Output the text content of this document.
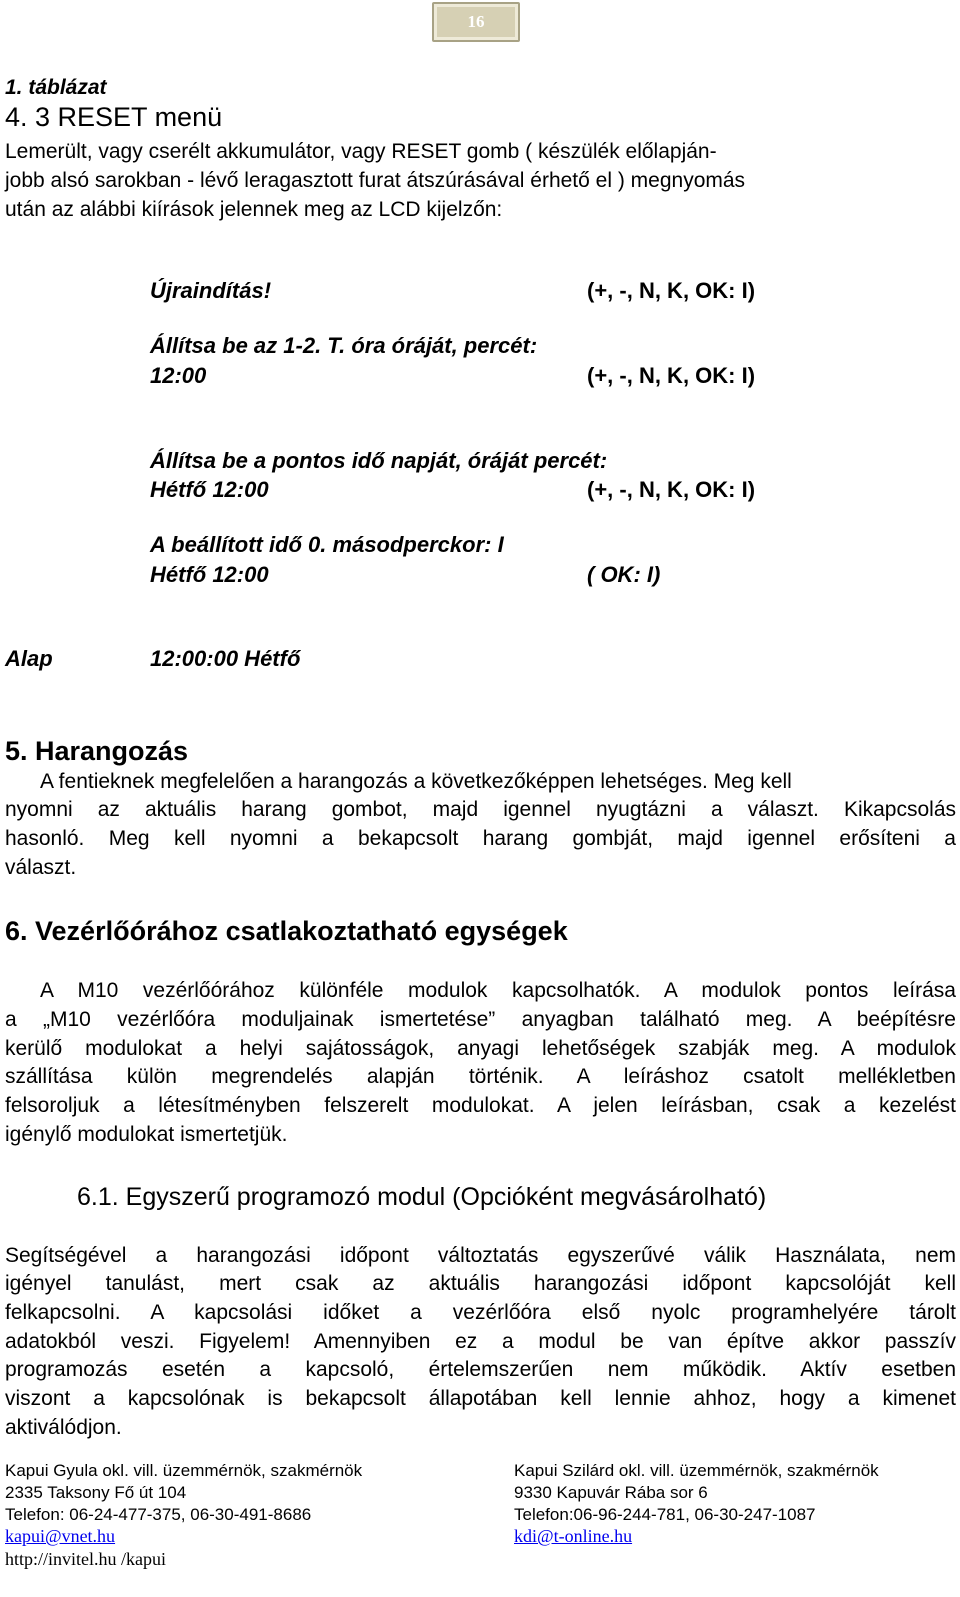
16
1. táblázat
4. 3 RESET menü
Lemerült, vagy cserélt akkumulátor, vagy RESET gomb ( készülék előlapján-
jobb alsó sarokban - lévő leragasztott furat átszúrásával érhető el ) megnyomás
után az alábbi kiírások jelennek meg az LCD kijelzőn:
Újraindítás!	(+, -, N, K, OK: I)
Állítsa be az 1-2. T. óra óráját, percét:
12:00	(+, -, N, K, OK: I)
Állítsa be a pontos idő napját, óráját percét:
Hétfő 12:00	(+, -, N, K, OK: I)
A beállított idő 0. másodperckor: I
Hétfő 12:00	( OK: I)
Alap	12:00:00 Hétfő
5. Harangozás
A fentieknek megfelelően a harangozás a következőképpen lehetséges. Meg kell
nyomni az aktuális harang gombot, majd igennel nyugtázni a választ. Kikapcsolás
hasonló. Meg kell nyomni a bekapcsolt harang gombját, majd igennel erősíteni a
választ.
6. Vezérlőórához csatlakoztatható egységek
A M10 vezérlőórához különféle modulok kapcsolhatók. A modulok pontos leírása
a „M10 vezérlőóra moduljainak ismertetése” anyagban található meg. A beépítésre
kerülő modulokat a helyi sajátosságok, anyagi lehetőségek szabják meg. A modulok
szállítása külön megrendelés alapján történik. A leíráshoz csatolt mellékletben
felsoroljuk a létesítményben felszerelt modulokat. A jelen leírásban, csak a kezelést
igénylő modulokat ismertetjük.
6.1. Egyszerű programozó modul (Opcióként megvásárolható)
Segítségével a harangozási időpont változtatás egyszerűvé válik Használata, nem
igényel tanulást, mert csak az aktuális harangozási időpont kapcsolóját kell
felkapcsolni. A kapcsolási időket a vezérlőóra első nyolc programhelyére tárolt
adatokból veszi. Figyelem! Amennyiben ez a modul be van építve akkor passzív
programozás esetén a kapcsoló, értelemszerűen nem működik. Aktív esetben
viszont a kapcsolónak is bekapcsolt állapotában kell lennie ahhoz, hogy a kimenet
aktiválódjon.
Kapui Gyula okl. vill. üzemmérnök, szakmérnök
2335 Taksony Fő út 104
Telefon: 06-24-477-375, 06-30-491-8686
kapui@vnet.hu
http://invitel.hu /kapui
Kapui Szilárd okl. vill. üzemmérnök, szakmérnök
9330 Kapuvár Rába sor 6
Telefon:06-96-244-781, 06-30-247-1087
kdi@t-online.hu
